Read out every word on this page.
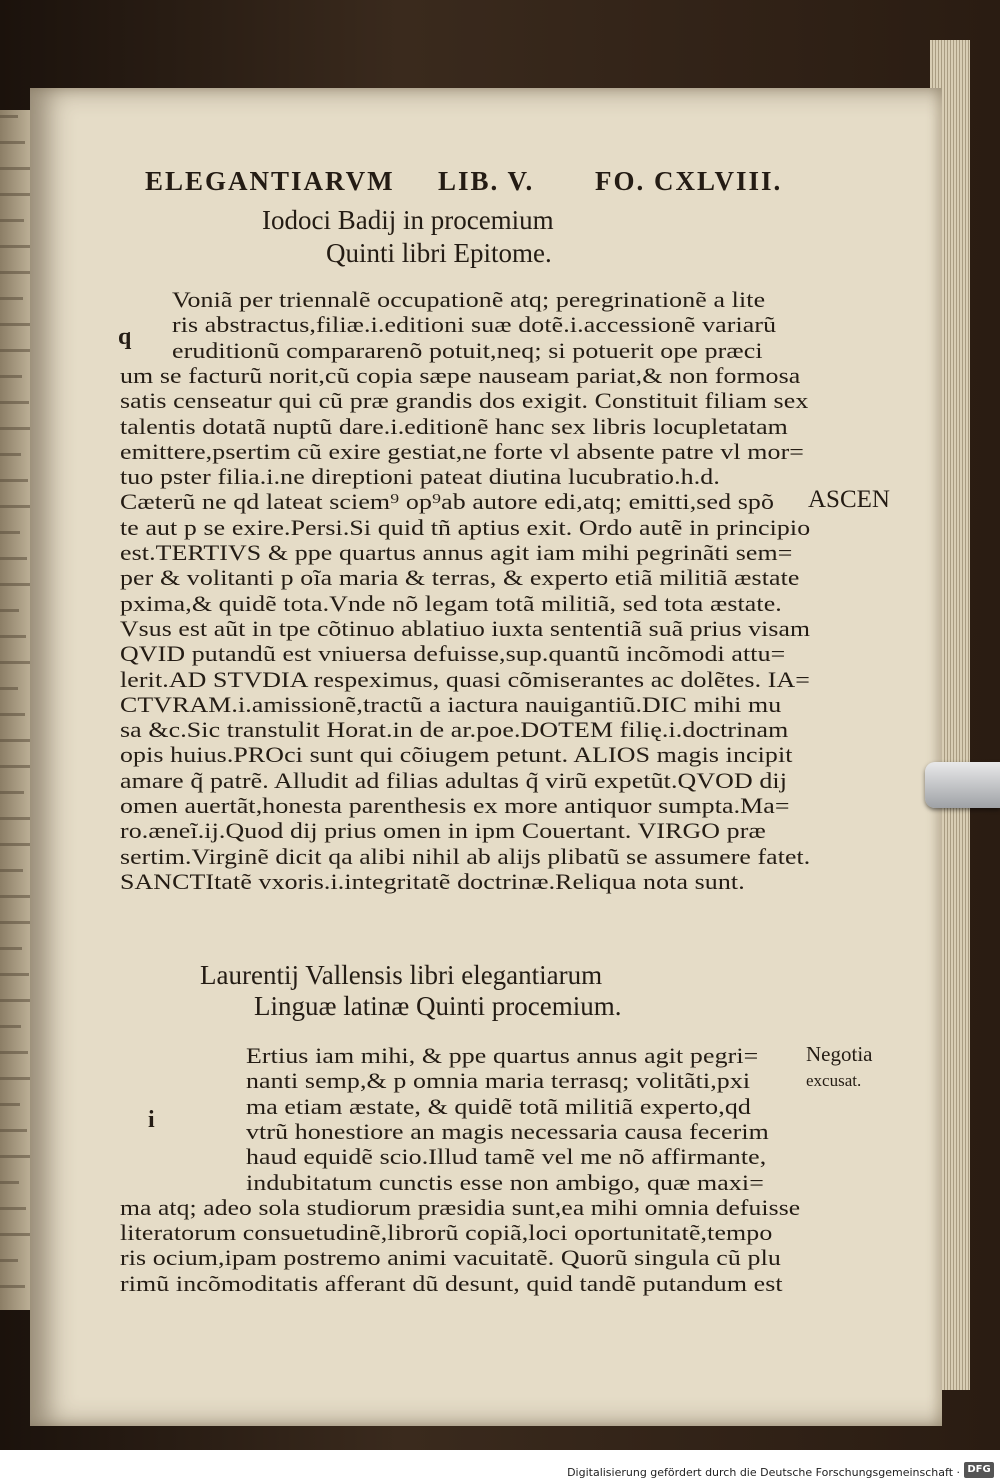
ELEGANTIARVM LIB. V. FO. CXLVIII.
Iodoci Badij in procemium
Quinti libri Epitome.
q
Voniã per triennalẽ occupationẽ atq; peregrinationẽ a lite
ris abstractus,filiæ.i.editioni suæ dotẽ.i.accessionẽ variarũ
eruditionũ compararenõ potuit,neq; si potuerit ope præci
um se facturũ norit,cũ copia sæpe nauseam pariat,& non formosa
satis censeatur qui cũ præ grandis dos exigit. Constituit filiam sex
talentis dotatã nuptũ dare.i.editionẽ hanc sex libris locupletatam
emittere,psertim cũ exire gestiat,ne forte vl absente patre vl mor=
tuo pster filia.i.ne direptioni pateat diutina lucubratio.h.d.
Cæterũ ne qd lateat sciem⁹ op⁹ab autore edi,atq; emitti,sed spõ
te aut p se exire.Persi.Si quid tñ aptius exit. Ordo autẽ in principio
est.TERTIVS & ppe quartus annus agit iam mihi pegrinãti sem=
per & volitanti p oĩa maria & terras, & experto etiã militiã æstate
pxima,& quidẽ tota.Vnde nõ legam totã militiã, sed tota æstate.
Vsus est aũt in tpe cõtinuo ablatiuo iuxta sententiã suã prius visam
QVID putandũ est vniuersa defuisse,sup.quantũ incõmodi attu=
lerit.AD STVDIA respeximus, quasi cõmiserantes ac dolẽtes. IA=
CTVRAM.i.amissionẽ,tractũ a iactura nauigantiũ.DIC mihi mu
sa &c.Sic transtulit Horat.in de ar.poe.DOTEM filię.i.doctrinam
opis huius.PROci sunt qui cõiugem petunt. ALIOS magis incipit
amare q̃ patrẽ. Alludit ad filias adultas q̃ virũ expetũt.QVOD dij
omen auertãt,honesta parenthesis ex more antiquor sumpta.Ma=
ro.æneĩ.ij.Quod dij prius omen in ipm Couertant. VIRGO præ
sertim.Virginẽ dicit qa alibi nihil ab alijs plibatũ se assumere fatet.
SANCTItatẽ vxoris.i.integritatẽ doctrinæ.Reliqua nota sunt.
ASCEN
Laurentij Vallensis libri elegantiarum
Linguæ latinæ Quinti procemium.
i
Ertius iam mihi, & ppe quartus annus agit pegri=
nanti semp,& p omnia maria terrasq; volitãti,pxi
ma etiam æstate, & quidẽ totã militiã experto,qd
vtrũ honestiore an magis necessaria causa fecerim
haud equidẽ scio.Illud tamẽ vel me nõ affirmante,
indubitatum cunctis esse non ambigo, quæ maxi=
ma atq; adeo sola studiorum præsidia sunt,ea mihi omnia defuisse
literatorum consuetudinẽ,librorũ copiã,loci oportunitatẽ,tempo
ris ocium,ipam postremo animi vacuitatẽ. Quorũ singula cũ plu
rimũ incõmoditatis afferant dũ desunt, quid tandẽ putandum est
Negotia
excusat.
Digitalisierung gefördert durch die Deutsche Forschungsgemeinschaft · DFG
